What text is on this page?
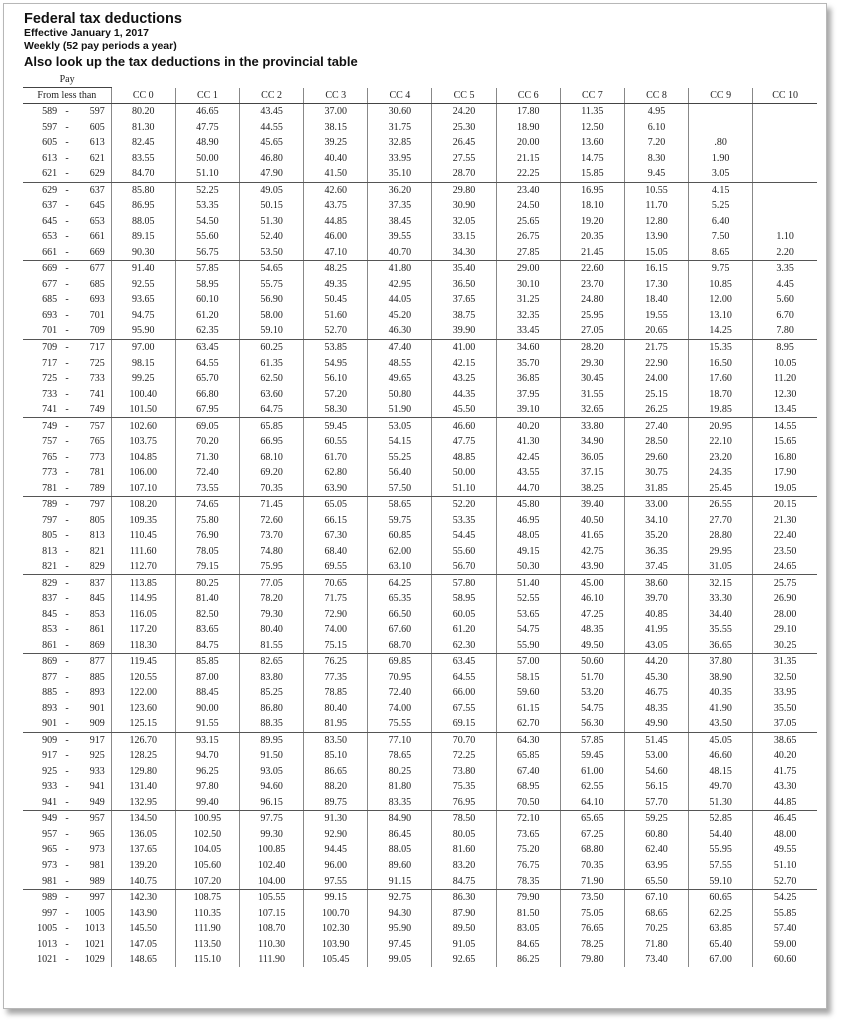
Federal tax deductions
Effective January 1, 2017
Weekly (52 pay periods a year)
Also look up the tax deductions in the provincial table
Pay													
From less than			CC 0	CC 1	CC 2	CC 3	CC 4	CC 5	CC 6	CC 7	CC 8	CC 9	CC 10
589	-	597	80.20	46.65	43.45	37.00	30.60	24.20	17.80	11.35	4.95		
597	-	605	81.30	47.75	44.55	38.15	31.75	25.30	18.90	12.50	6.10		
605	-	613	82.45	48.90	45.65	39.25	32.85	26.45	20.00	13.60	7.20	.80	
613	-	621	83.55	50.00	46.80	40.40	33.95	27.55	21.15	14.75	8.30	1.90	
621	-	629	84.70	51.10	47.90	41.50	35.10	28.70	22.25	15.85	9.45	3.05	
629	-	637	85.80	52.25	49.05	42.60	36.20	29.80	23.40	16.95	10.55	4.15	
637	-	645	86.95	53.35	50.15	43.75	37.35	30.90	24.50	18.10	11.70	5.25	
645	-	653	88.05	54.50	51.30	44.85	38.45	32.05	25.65	19.20	12.80	6.40	
653	-	661	89.15	55.60	52.40	46.00	39.55	33.15	26.75	20.35	13.90	7.50	1.10
661	-	669	90.30	56.75	53.50	47.10	40.70	34.30	27.85	21.45	15.05	8.65	2.20
669	-	677	91.40	57.85	54.65	48.25	41.80	35.40	29.00	22.60	16.15	9.75	3.35
677	-	685	92.55	58.95	55.75	49.35	42.95	36.50	30.10	23.70	17.30	10.85	4.45
685	-	693	93.65	60.10	56.90	50.45	44.05	37.65	31.25	24.80	18.40	12.00	5.60
693	-	701	94.75	61.20	58.00	51.60	45.20	38.75	32.35	25.95	19.55	13.10	6.70
701	-	709	95.90	62.35	59.10	52.70	46.30	39.90	33.45	27.05	20.65	14.25	7.80
709	-	717	97.00	63.45	60.25	53.85	47.40	41.00	34.60	28.20	21.75	15.35	8.95
717	-	725	98.15	64.55	61.35	54.95	48.55	42.15	35.70	29.30	22.90	16.50	10.05
725	-	733	99.25	65.70	62.50	56.10	49.65	43.25	36.85	30.45	24.00	17.60	11.20
733	-	741	100.40	66.80	63.60	57.20	50.80	44.35	37.95	31.55	25.15	18.70	12.30
741	-	749	101.50	67.95	64.75	58.30	51.90	45.50	39.10	32.65	26.25	19.85	13.45
749	-	757	102.60	69.05	65.85	59.45	53.05	46.60	40.20	33.80	27.40	20.95	14.55
757	-	765	103.75	70.20	66.95	60.55	54.15	47.75	41.30	34.90	28.50	22.10	15.65
765	-	773	104.85	71.30	68.10	61.70	55.25	48.85	42.45	36.05	29.60	23.20	16.80
773	-	781	106.00	72.40	69.20	62.80	56.40	50.00	43.55	37.15	30.75	24.35	17.90
781	-	789	107.10	73.55	70.35	63.90	57.50	51.10	44.70	38.25	31.85	25.45	19.05
789	-	797	108.20	74.65	71.45	65.05	58.65	52.20	45.80	39.40	33.00	26.55	20.15
797	-	805	109.35	75.80	72.60	66.15	59.75	53.35	46.95	40.50	34.10	27.70	21.30
805	-	813	110.45	76.90	73.70	67.30	60.85	54.45	48.05	41.65	35.20	28.80	22.40
813	-	821	111.60	78.05	74.80	68.40	62.00	55.60	49.15	42.75	36.35	29.95	23.50
821	-	829	112.70	79.15	75.95	69.55	63.10	56.70	50.30	43.90	37.45	31.05	24.65
829	-	837	113.85	80.25	77.05	70.65	64.25	57.80	51.40	45.00	38.60	32.15	25.75
837	-	845	114.95	81.40	78.20	71.75	65.35	58.95	52.55	46.10	39.70	33.30	26.90
845	-	853	116.05	82.50	79.30	72.90	66.50	60.05	53.65	47.25	40.85	34.40	28.00
853	-	861	117.20	83.65	80.40	74.00	67.60	61.20	54.75	48.35	41.95	35.55	29.10
861	-	869	118.30	84.75	81.55	75.15	68.70	62.30	55.90	49.50	43.05	36.65	30.25
869	-	877	119.45	85.85	82.65	76.25	69.85	63.45	57.00	50.60	44.20	37.80	31.35
877	-	885	120.55	87.00	83.80	77.35	70.95	64.55	58.15	51.70	45.30	38.90	32.50
885	-	893	122.00	88.45	85.25	78.85	72.40	66.00	59.60	53.20	46.75	40.35	33.95
893	-	901	123.60	90.00	86.80	80.40	74.00	67.55	61.15	54.75	48.35	41.90	35.50
901	-	909	125.15	91.55	88.35	81.95	75.55	69.15	62.70	56.30	49.90	43.50	37.05
909	-	917	126.70	93.15	89.95	83.50	77.10	70.70	64.30	57.85	51.45	45.05	38.65
917	-	925	128.25	94.70	91.50	85.10	78.65	72.25	65.85	59.45	53.00	46.60	40.20
925	-	933	129.80	96.25	93.05	86.65	80.25	73.80	67.40	61.00	54.60	48.15	41.75
933	-	941	131.40	97.80	94.60	88.20	81.80	75.35	68.95	62.55	56.15	49.70	43.30
941	-	949	132.95	99.40	96.15	89.75	83.35	76.95	70.50	64.10	57.70	51.30	44.85
949	-	957	134.50	100.95	97.75	91.30	84.90	78.50	72.10	65.65	59.25	52.85	46.45
957	-	965	136.05	102.50	99.30	92.90	86.45	80.05	73.65	67.25	60.80	54.40	48.00
965	-	973	137.65	104.05	100.85	94.45	88.05	81.60	75.20	68.80	62.40	55.95	49.55
973	-	981	139.20	105.60	102.40	96.00	89.60	83.20	76.75	70.35	63.95	57.55	51.10
981	-	989	140.75	107.20	104.00	97.55	91.15	84.75	78.35	71.90	65.50	59.10	52.70
989	-	997	142.30	108.75	105.55	99.15	92.75	86.30	79.90	73.50	67.10	60.65	54.25
997	-	1005	143.90	110.35	107.15	100.70	94.30	87.90	81.50	75.05	68.65	62.25	55.85
1005	-	1013	145.50	111.90	108.70	102.30	95.90	89.50	83.05	76.65	70.25	63.85	57.40
1013	-	1021	147.05	113.50	110.30	103.90	97.45	91.05	84.65	78.25	71.80	65.40	59.00
1021	-	1029	148.65	115.10	111.90	105.45	99.05	92.65	86.25	79.80	73.40	67.00	60.60
